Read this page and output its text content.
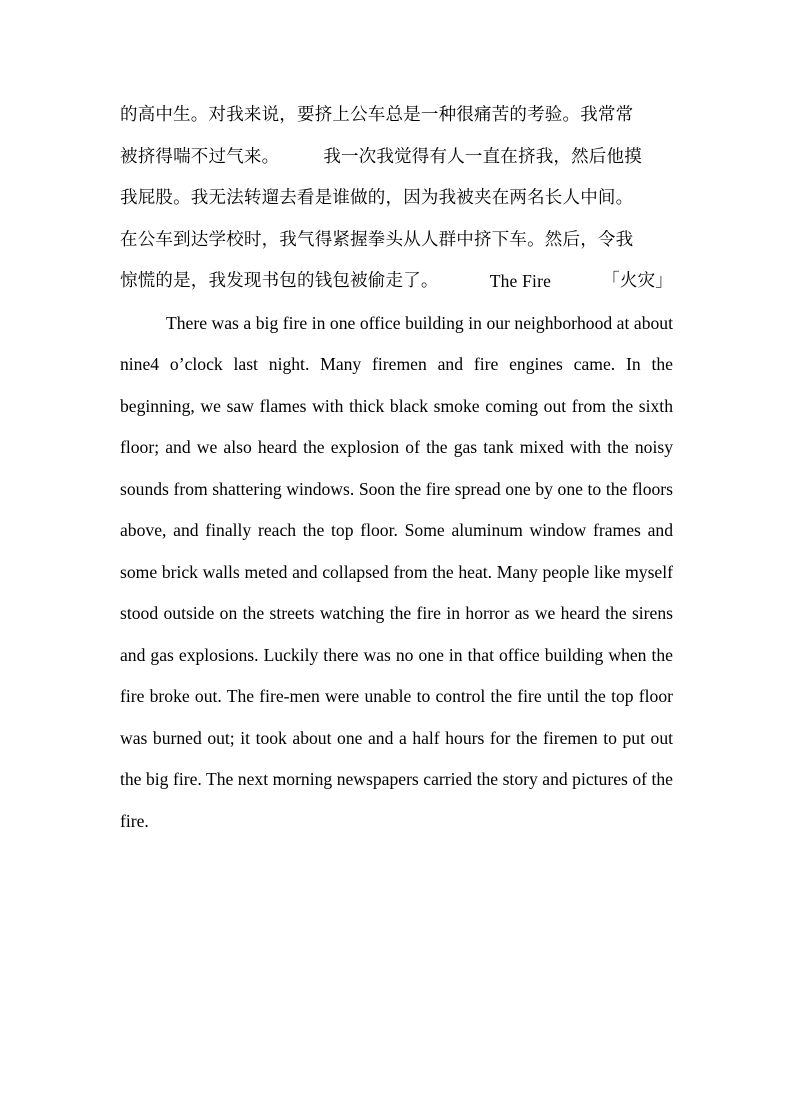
的高中生。对我来说，要挤上公车总是一种很痛苦的考验。我常常
被挤得喘不过气来。	我一次我觉得有人一直在挤我，然后他摸
我屁股。我无法转遛去看是谁做的，因为我被夹在两名长人中间。
在公车到达学校时，我气得紧握拳头从人群中挤下车。然后，令我
惊慌的是，我发现书包的钱包被偷走了。	The Fire	「火灾」

There was a big fire in one office building in our neighborhood at about nine4 o’clock last night. Many firemen and fire engines came. In the beginning, we saw flames with thick black smoke coming out from the sixth floor; and we also heard the explosion of the gas tank mixed with the noisy sounds from shattering windows. Soon the fire spread one by one to the floors above, and finally reach the top floor. Some aluminum window frames and some brick walls meted and collapsed from the heat. Many people like myself stood outside on the streets watching the fire in horror as we heard the sirens and gas explosions. Luckily there was no one in that office building when the fire broke out. The fire-men were unable to control the fire until the top floor was burned out; it took about one and a half hours for the firemen to put out the big fire. The next morning newspapers carried the story and pictures of the fire.
